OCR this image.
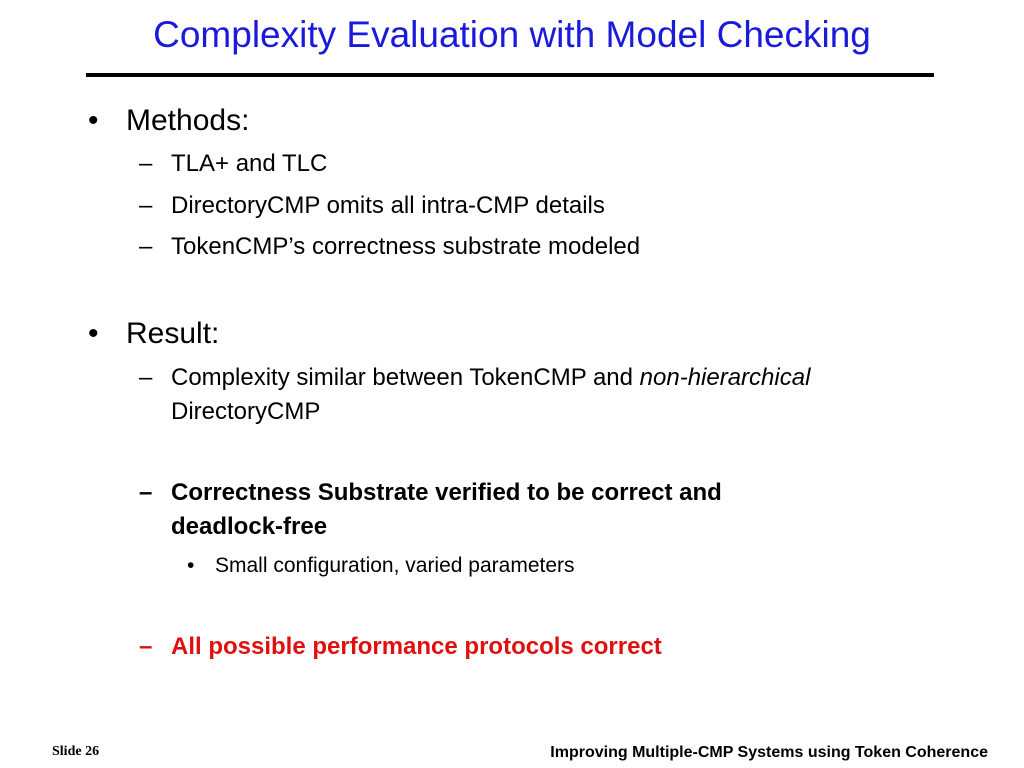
Complexity Evaluation with Model Checking
• Methods:
– TLA+ and TLC
– DirectoryCMP omits all intra-CMP details
– TokenCMP’s correctness substrate modeled
• Result:
– Complexity similar between TokenCMP and non-hierarchical
DirectoryCMP
– Correctness Substrate verified to be correct and
deadlock-free
• Small configuration, varied parameters
– All possible performance protocols correct
Slide 26	Improving Multiple-CMP Systems using Token Coherence
